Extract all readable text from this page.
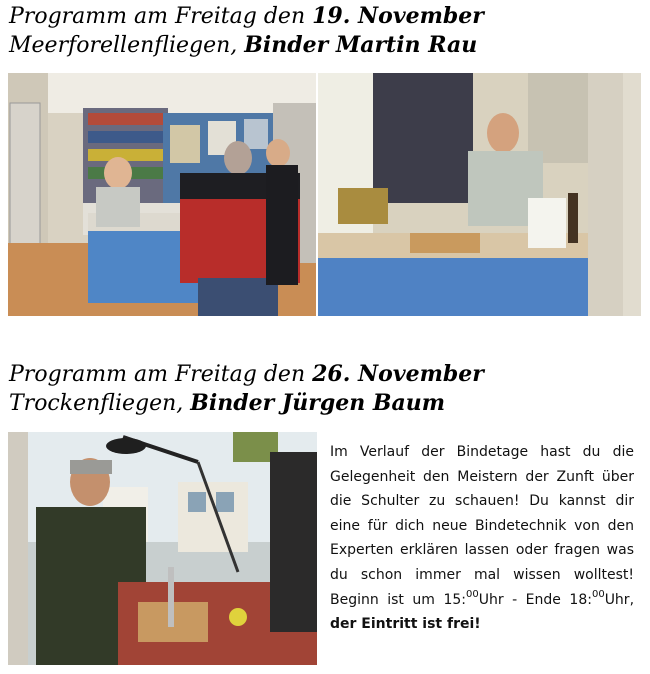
Programm am Freitag den 19. November
Meerforellenfliegen, Binder Martin Rau
Programm am Freitag den 26. November
Trockenfliegen, Binder Jürgen Baum
Im Verlauf der Bindetage hast du die Gelegenheit den Meistern der Zunft über die Schulter zu schauen! Du kannst dir eine für dich neue Bindetechnik von den Experten erklären lassen oder fragen was du schon immer mal wissen wolltest! Beginn ist um 15:$^{00}$Uhr - Ende 18:$^{00}$Uhr, der Eintritt ist frei!
